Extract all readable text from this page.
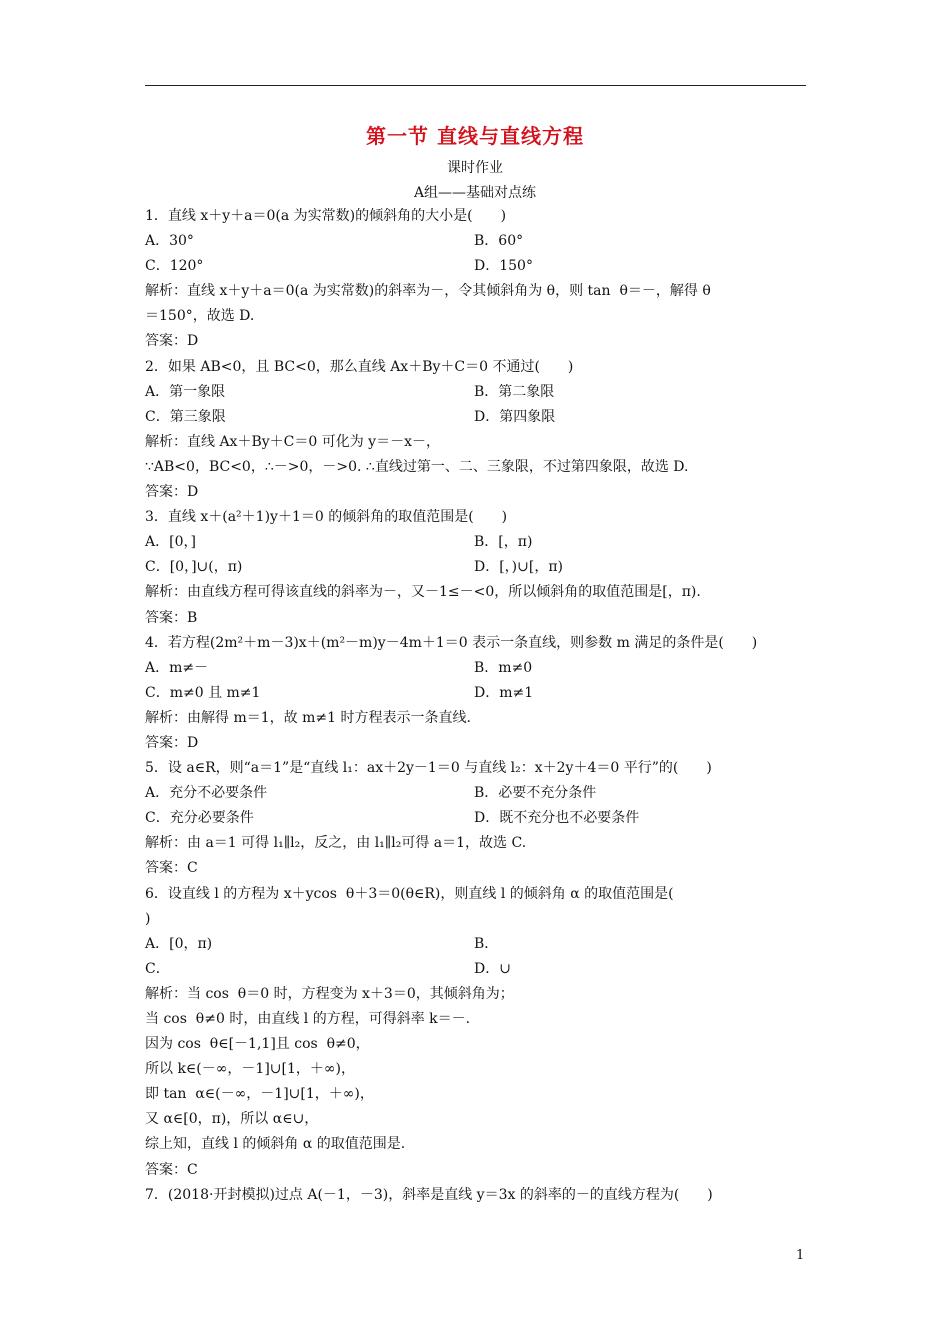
第一节 直线与直线方程
课时作业
A组——基础对点练
1．直线 x＋y＋a＝0(a 为实常数)的倾斜角的大小是(　　)
A．30°	B．60°
C．120°	D．150°
解析：直线 x＋y＋a＝0(a 为实常数)的斜率为－，令其倾斜角为 θ，则 tan  θ＝－，解得 θ
＝150°，故选 D.
答案：D
2．如果 AB<0，且 BC<0，那么直线 Ax＋By＋C＝0 不通过(　　)
A．第一象限	B．第二象限
C．第三象限	D．第四象限
解析：直线 Ax＋By＋C＝0 可化为 y＝－x－，
∵AB<0，BC<0，∴－>0，－>0. ∴直线过第一、二、三象限，不过第四象限，故选 D.
答案：D
3．直线 x＋(a²＋1)y＋1＝0 的倾斜角的取值范围是(　　)
A．[0，]	B．[，π)
C．[0，]∪(，π)	D．[，)∪[，π)
解析：由直线方程可得该直线的斜率为－，又－1≤－<0，所以倾斜角的取值范围是[，π).
答案：B
4．若方程(2m²＋m－3)x＋(m²－m)y－4m＋1＝0 表示一条直线，则参数 m 满足的条件是(　　)
A．m≠－	B．m≠0
C．m≠0 且 m≠1	D．m≠1
解析：由解得 m＝1，故 m≠1 时方程表示一条直线.
答案：D
5．设 a∈R，则“a＝1”是“直线 l₁：ax＋2y－1＝0 与直线 l₂：x＋2y＋4＝0 平行”的(　　)
A．充分不必要条件	B．必要不充分条件
C．充分必要条件	D．既不充分也不必要条件
解析：由 a＝1 可得 l₁∥l₂，反之，由 l₁∥l₂可得 a＝1，故选 C.
答案：C
6．设直线 l 的方程为 x＋ycos  θ＋3＝0(θ∈R)，则直线 l 的倾斜角 α 的取值范围是(
)
A．[0，π)	B．
C．	D．∪
解析：当 cos  θ＝0 时，方程变为 x＋3＝0，其倾斜角为；
当 cos  θ≠0 时，由直线 l 的方程，可得斜率 k＝－.
因为 cos  θ∈[－1,1]且 cos  θ≠0，
所以 k∈(－∞，－1]∪[1，＋∞)，
即 tan  α∈(－∞，－1]∪[1，＋∞)，
又 α∈[0，π)，所以 α∈∪，
综上知，直线 l 的倾斜角 α 的取值范围是.
答案：C
7．(2018·开封模拟)过点 A(－1，－3)，斜率是直线 y＝3x 的斜率的－的直线方程为(　　)
1
